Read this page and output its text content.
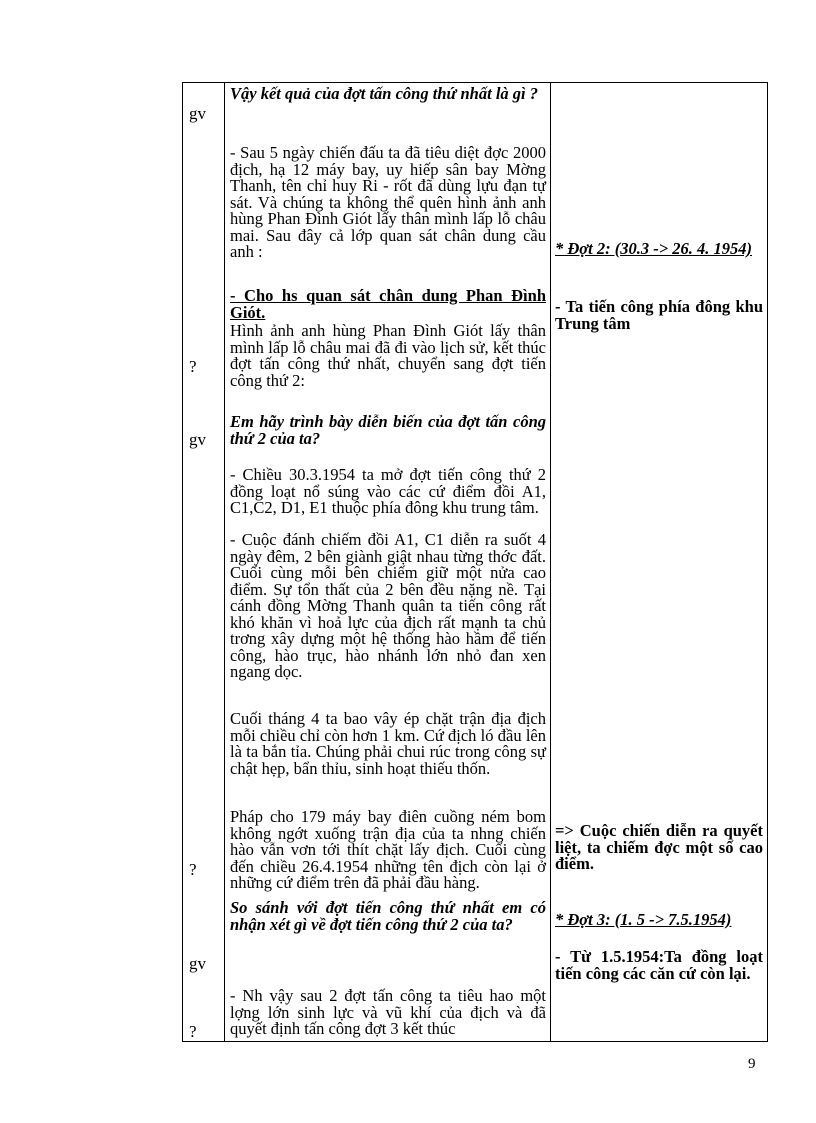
gv
?
gv
?
gv
?
Vậy kết quả của đợt tấn công thứ nhất là gì ?
- Sau 5 ngày chiến đấu ta đã tiêu diệt đợc 2000 địch, hạ 12 máy bay, uy hiếp sân bay Mờng Thanh, tên chỉ huy Ri - rốt đã dùng lựu đạn tự sát. Và chúng ta không thể quên hình ảnh anh hùng Phan Đình Giót lấy thân mình lấp lỗ châu mai. Sau đây cả lớp quan sát chân dung cầu anh :
- Cho hs quan sát chân dung Phan Đình Giót.
Hình ảnh anh hùng Phan Đình Giót lấy thân mình lấp lỗ châu mai đã đi vào lịch sử, kết thúc đợt tấn công thứ nhất, chuyển sang đợt tiến công thứ 2:
Em hãy trình bày diễn biến của đợt tấn công thứ 2 của ta?
- Chiều 30.3.1954 ta mở đợt tiến công thứ 2 đồng loạt nổ súng vào các cứ điểm đồi A1, C1,C2, D1, E1 thuộc phía đông khu trung tâm.
- Cuộc đánh chiếm đồi A1, C1 diễn ra suốt 4 ngày đêm, 2 bên giành giật nhau từng thớc đất. Cuối cùng mỗi bên chiếm giữ một nửa cao điểm. Sự tổn thất của 2 bên đều nặng nề. Tại cánh đồng Mờng Thanh quân ta tiến công rất khó khăn vì hoả lực của địch rất mạnh ta chủ trơng xây dựng một hệ thống hào hầm để tiến công, hào trục, hào nhánh lớn nhỏ đan xen ngang dọc.
Cuối tháng 4 ta bao vây ép chặt trận địa địch mỗi chiều chỉ còn hơn 1 km. Cứ địch ló đầu lên là ta bắn tỉa. Chúng phải chui rúc trong công sự chật hẹp, bẩn thỉu, sinh hoạt thiếu thốn.
Pháp cho 179 máy bay điên cuồng ném bom không ngớt xuống trận địa của ta nhng chiến hào vẫn vơn tới thít chặt lấy địch. Cuối cùng đến chiều 26.4.1954 những tên địch còn lại ở những cứ điểm trên đã phải đầu hàng.
So sánh với đợt tiến công thứ nhất em có nhận xét gì về đợt tiến công thứ 2 của ta?
- Nh vậy sau 2 đợt tấn công ta tiêu hao một lợng lớn sinh lực và vũ khí của địch và đã quyết định tấn công đợt 3 kết thúc
* Đợt 2: (30.3 -> 26. 4. 1954)
- Ta tiến công phía đông khu Trung tâm
=> Cuộc chiến diễn ra quyết liệt, ta chiếm đợc một số cao điểm.
* Đợt 3: (1. 5 -> 7.5.1954)
- Từ 1.5.1954:Ta đồng loạt tiến công các căn cứ còn lại.
9
